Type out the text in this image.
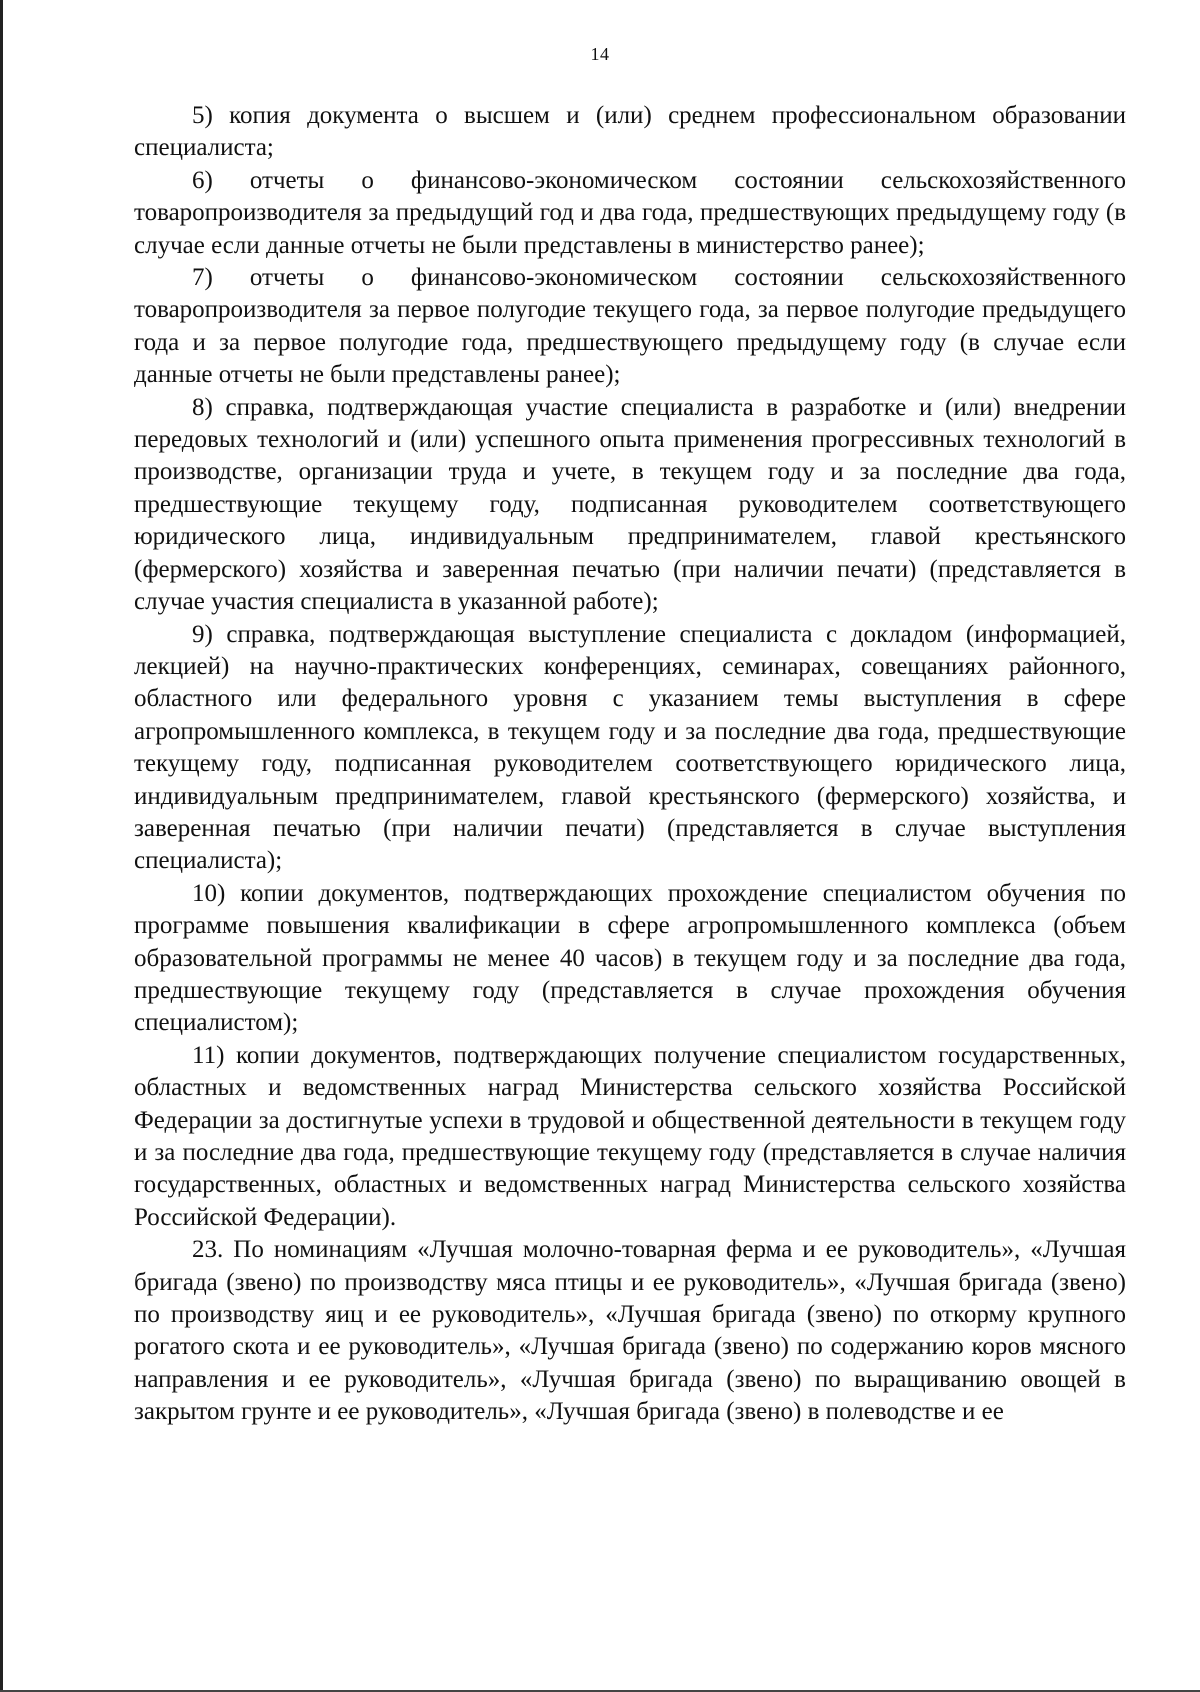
14

5) копия документа о высшем и (или) среднем профессиональном образовании специалиста;

6) отчеты о финансово-экономическом состоянии сельскохозяйственного товаропроизводителя за предыдущий год и два года, предшествующих предыдущему году (в случае если данные отчеты не были представлены в министерство ранее);

7) отчеты о финансово-экономическом состоянии сельскохозяйственного товаропроизводителя за первое полугодие текущего года, за первое полугодие предыдущего года и за первое полугодие года, предшествующего предыдущему году (в случае если данные отчеты не были представлены ранее);

8) справка, подтверждающая участие специалиста в разработке и (или) внедрении передовых технологий и (или) успешного опыта применения прогрессивных технологий в производстве, организации труда и учете, в текущем году и за последние два года, предшествующие текущему году, подписанная руководителем соответствующего юридического лица, индивидуальным предпринимателем, главой крестьянского (фермерского) хозяйства и заверенная печатью (при наличии печати) (представляется в случае участия специалиста в указанной работе);

9) справка, подтверждающая выступление специалиста с докладом (информацией, лекцией) на научно-практических конференциях, семинарах, совещаниях районного, областного или федерального уровня с указанием темы выступления в сфере агропромышленного комплекса, в текущем году и за последние два года, предшествующие текущему году, подписанная руководителем соответствующего юридического лица, индивидуальным предпринимателем, главой крестьянского (фермерского) хозяйства, и заверенная печатью (при наличии печати) (представляется в случае выступления специалиста);

10) копии документов, подтверждающих прохождение специалистом обучения по программе повышения квалификации в сфере агропромышленного комплекса (объем образовательной программы не менее 40 часов) в текущем году и за последние два года, предшествующие текущему году (представляется в случае прохождения обучения специалистом);

11) копии документов, подтверждающих получение специалистом государственных, областных и ведомственных наград Министерства сельского хозяйства Российской Федерации за достигнутые успехи в трудовой и общественной деятельности в текущем году и за последние два года, предшествующие текущему году (представляется в случае наличия государственных, областных и ведомственных наград Министерства сельского хозяйства Российской Федерации).

23. По номинациям «Лучшая молочно-товарная ферма и ее руководитель», «Лучшая бригада (звено) по производству мяса птицы и ее руководитель», «Лучшая бригада (звено) по производству яиц и ее руководитель», «Лучшая бригада (звено) по откорму крупного рогатого скота и ее руководитель», «Лучшая бригада (звено) по содержанию коров мясного направления и ее руководитель», «Лучшая бригада (звено) по выращиванию овощей в закрытом грунте и ее руководитель», «Лучшая бригада (звено) в полеводстве и ее
